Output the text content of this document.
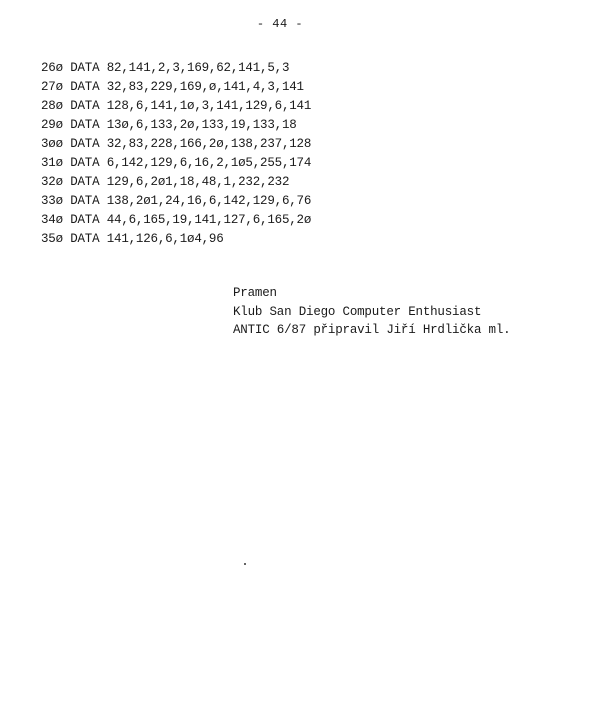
- 44 -
26ø DATA 82,141,2,3,169,62,141,5,3
27ø DATA 32,83,229,169,ø,141,4,3,141
28ø DATA 128,6,141,1ø,3,141,129,6,141
29ø DATA 13ø,6,133,2ø,133,19,133,18
3øø DATA 32,83,228,166,2ø,138,237,128
31ø DATA 6,142,129,6,16,2,1ø5,255,174
32ø DATA 129,6,2ø1,18,48,1,232,232
33ø DATA 138,2ø1,24,16,6,142,129,6,76
34ø DATA 44,6,165,19,141,127,6,165,2ø
35ø DATA 141,126,6,1ø4,96
Pramen
Klub San Diego Computer Enthusiast
ANTIC 6/87 připravil Jiří Hrdlička ml.
